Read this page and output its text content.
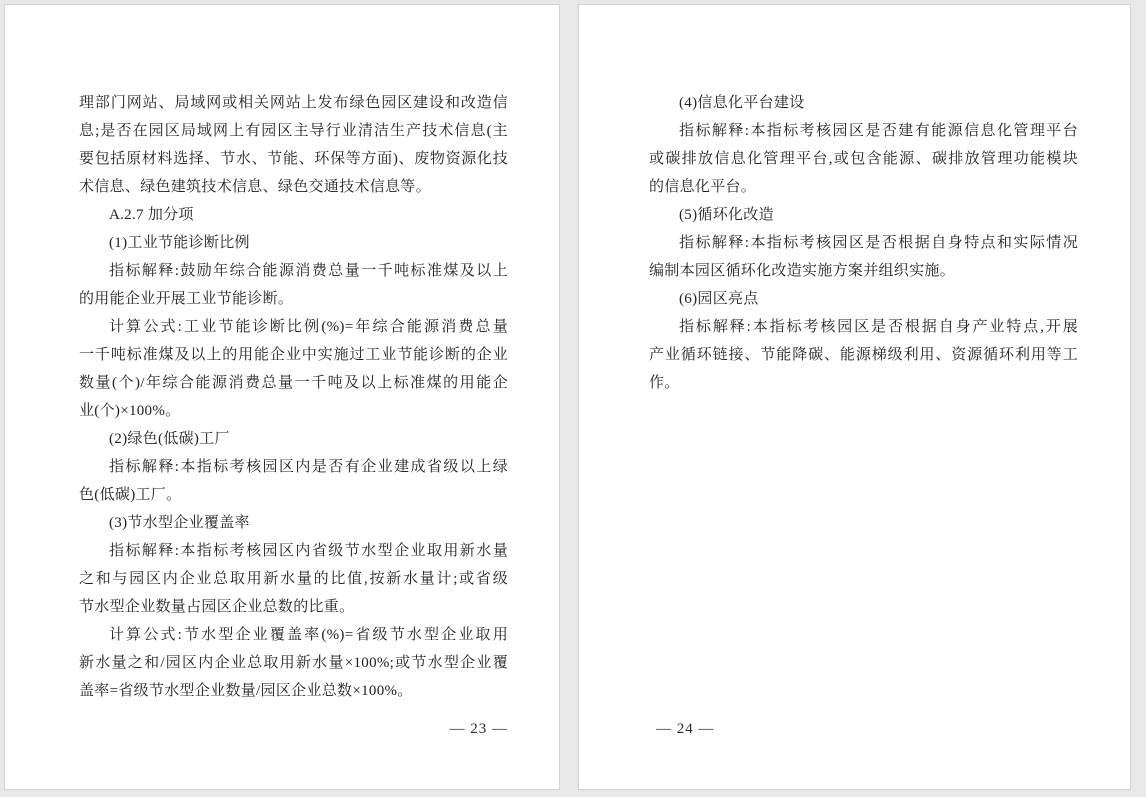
理部门网站、局域网或相关网站上发布绿色园区建设和改造信
息;是否在园区局域网上有园区主导行业清洁生产技术信息(主
要包括原材料选择、节水、节能、环保等方面)、废物资源化技
术信息、绿色建筑技术信息、绿色交通技术信息等。
A.2.7 加分项
(1)工业节能诊断比例
指标解释:鼓励年综合能源消费总量一千吨标准煤及以上
的用能企业开展工业节能诊断。
计算公式:工业节能诊断比例(%)=年综合能源消费总量
一千吨标准煤及以上的用能企业中实施过工业节能诊断的企业
数量(个)/年综合能源消费总量一千吨及以上标准煤的用能企
业(个)×100%。
(2)绿色(低碳)工厂
指标解释:本指标考核园区内是否有企业建成省级以上绿
色(低碳)工厂。
(3)节水型企业覆盖率
指标解释:本指标考核园区内省级节水型企业取用新水量
之和与园区内企业总取用新水量的比值,按新水量计;或省级
节水型企业数量占园区企业总数的比重。
计算公式:节水型企业覆盖率(%)=省级节水型企业取用
新水量之和/园区内企业总取用新水量×100%;或节水型企业覆
盖率=省级节水型企业数量/园区企业总数×100%。
— 23 —
(4)信息化平台建设
指标解释:本指标考核园区是否建有能源信息化管理平台
或碳排放信息化管理平台,或包含能源、碳排放管理功能模块
的信息化平台。
(5)循环化改造
指标解释:本指标考核园区是否根据自身特点和实际情况
编制本园区循环化改造实施方案并组织实施。
(6)园区亮点
指标解释:本指标考核园区是否根据自身产业特点,开展
产业循环链接、节能降碳、能源梯级利用、资源循环利用等工
作。
— 24 —
